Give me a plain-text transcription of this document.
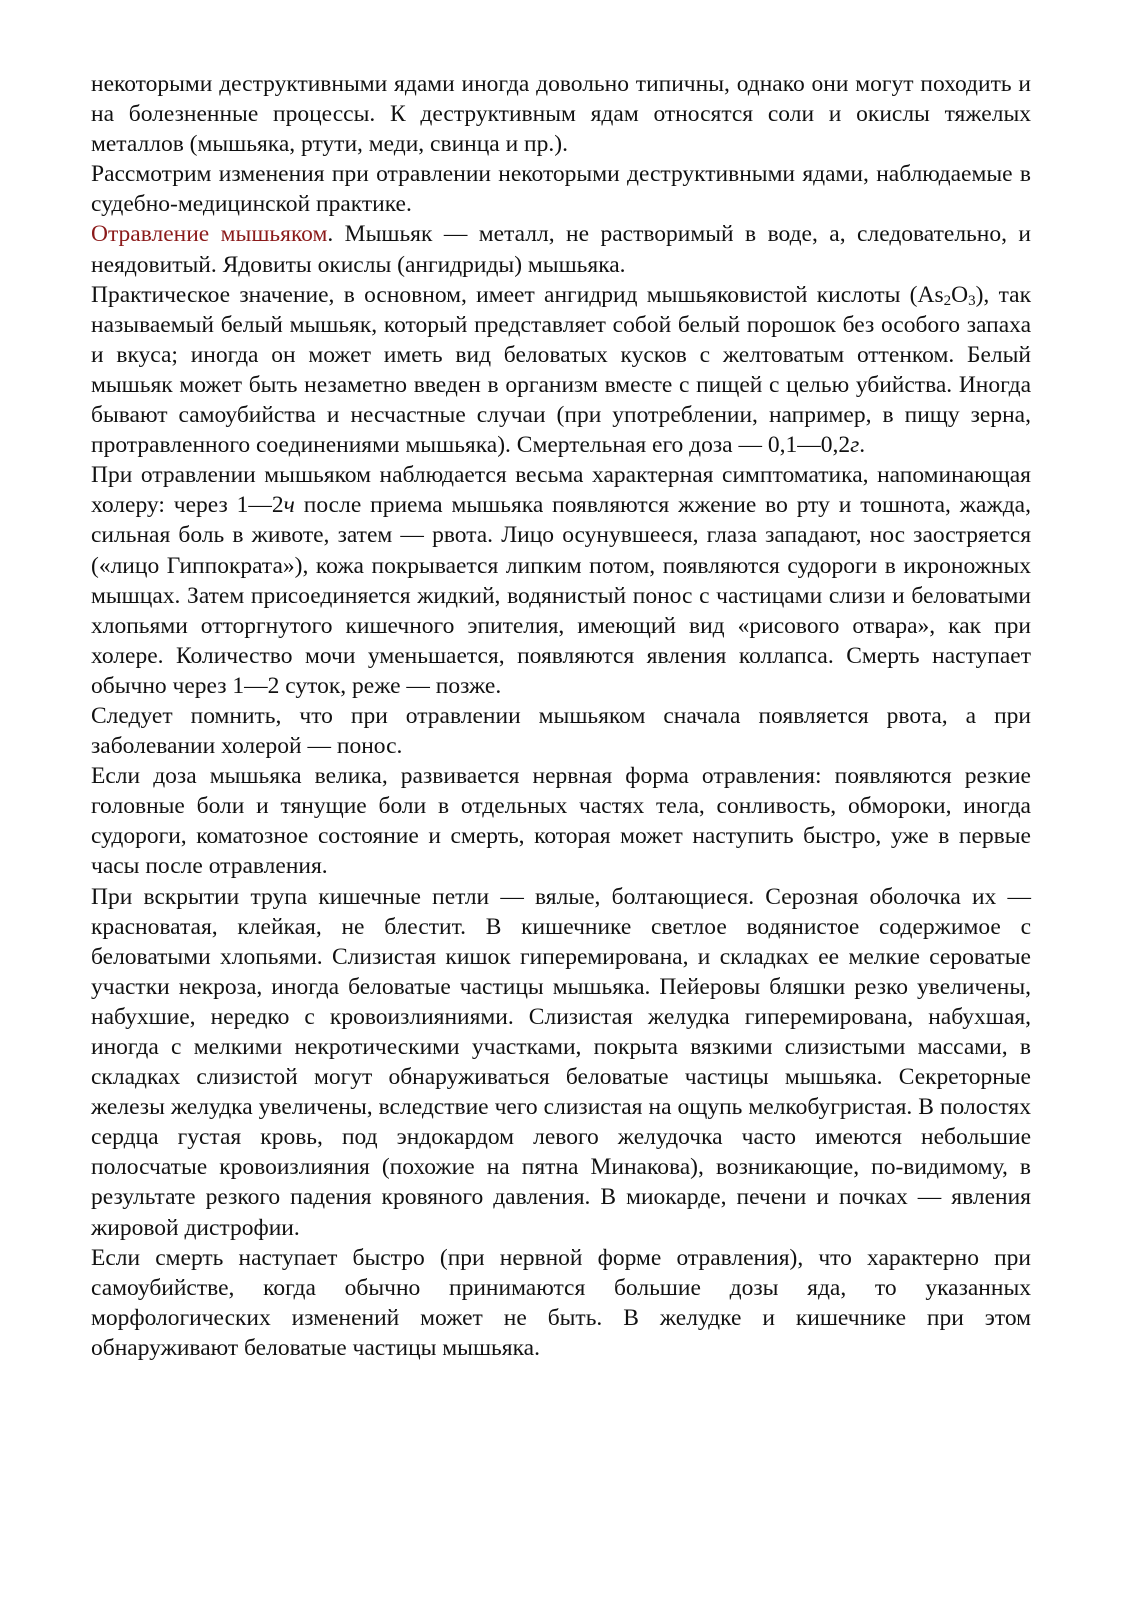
некоторыми деструктивными ядами иногда довольно типичны, однако они могут походить и на болезненные процессы. К деструктивным ядам относятся соли и окислы тяжелых металлов (мышьяка, ртути, меди, свинца и пр.).

Рассмотрим изменения при отравлении некоторыми деструктивными ядами, наблюдаемые в судебно-медицинской практике.

Отравление мышьяком. Мышьяк — металл, не растворимый в воде, а, следовательно, и неядовитый. Ядовиты окислы (ангидриды) мышьяка.

Практическое значение, в основном, имеет ангидрид мышьяковистой кислоты $(As_2O_3)$, так называемый белый мышьяк, который представляет собой белый порошок без особого запаха и вкуса; иногда он может иметь вид беловатых кусков с желтоватым оттенком. Белый мышьяк может быть незаметно введен в организм вместе с пищей с целью убийства. Иногда бывают самоубийства и несчастные случаи (при употреблении, например, в пищу зерна, протравленного соединениями мышьяка). Смертельная его доза — 0,1—0,2г.

При отравлении мышьяком наблюдается весьма характерная симптоматика, напоминающая холеру: через 1—2ч после приема мышьяка появляются жжение во рту и тошнота, жажда, сильная боль в животе, затем — рвота. Лицо осунувшееся, глаза западают, нос заостряется («лицо Гиппократа»), кожа покрывается липким потом, появляются судороги в икроножных мышцах. Затем присоединяется жидкий, водянистый понос с частицами слизи и беловатыми хлопьями отторгнутого кишечного эпителия, имеющий вид «рисового отвара», как при холере. Количество мочи уменьшается, появляются явления коллапса. Смерть наступает обычно через 1—2 суток, реже — позже.

Следует помнить, что при отравлении мышьяком сначала появляется рвота, а при заболевании холерой — понос.

Если доза мышьяка велика, развивается нервная форма отравления: появляются резкие головные боли и тянущие боли в отдельных частях тела, сонливость, обмороки, иногда судороги, коматозное состояние и смерть, которая может наступить быстро, уже в первые часы после отравления.

При вскрытии трупа кишечные петли — вялые, болтающиеся. Серозная оболочка их — красноватая, клейкая, не блестит. В кишечнике светлое водянистое содержимое с беловатыми хлопьями. Слизистая кишок гиперемирована, и складках ее мелкие сероватые участки некроза, иногда беловатые частицы мышьяка. Пейеровы бляшки резко увеличены, набухшие, нередко с кровоизлияниями. Слизистая желудка гиперемирована, набухшая, иногда с мелкими некротическими участками, покрыта вязкими слизистыми массами, в складках слизистой могут обнаруживаться беловатые частицы мышьяка. Секреторные железы желудка увеличены, вследствие чего слизистая на ощупь мелкобугристая. В полостях сердца густая кровь, под эндокардом левого желудочка часто имеются небольшие полосчатые кровоизлияния (похожие на пятна Минакова), возникающие, по-видимому, в результате резкого падения кровяного давления. В миокарде, печени и почках — явления жировой дистрофии.

Если смерть наступает быстро (при нервной форме отравления), что характерно при самоубийстве, когда обычно принимаются большие дозы яда, то указанных морфологических изменений может не быть. В желудке и кишечнике при этом обнаруживают беловатые частицы мышьяка.
